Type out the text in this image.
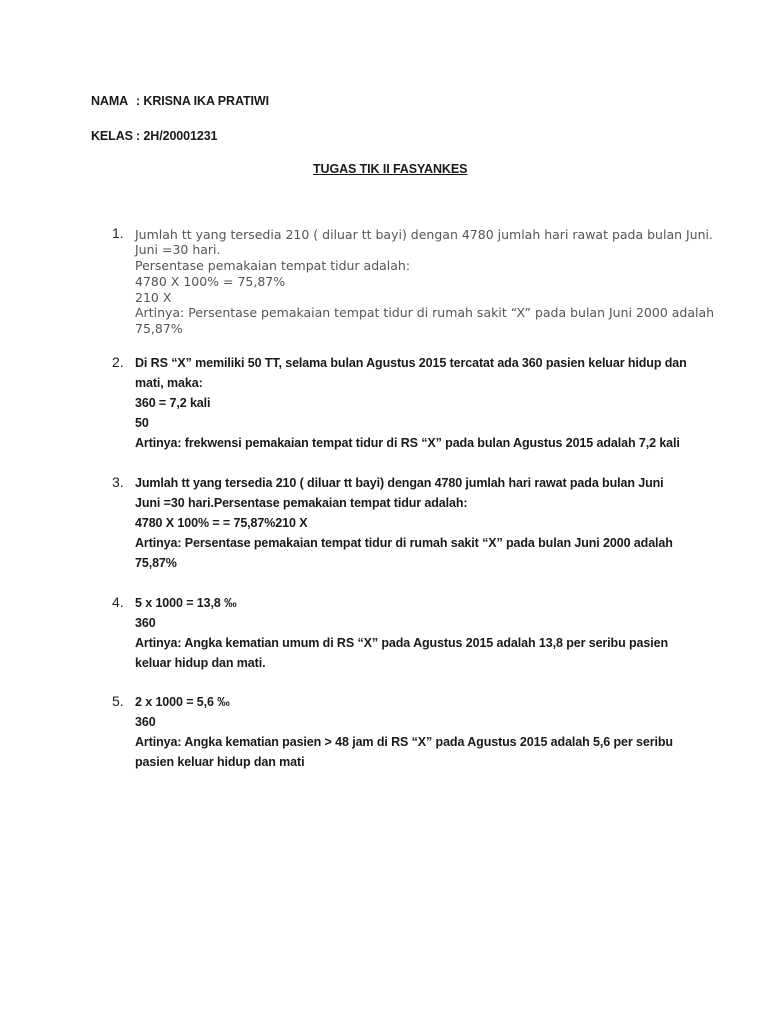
NAMA : KRISNA IKA PRATIWI
KELAS : 2H/20001231
TUGAS TIK II FASYANKES
1. Jumlah tt yang tersedia 210 ( diluar tt bayi) dengan 4780 jumlah hari rawat pada bulan Juni.
Juni =30 hari.
Persentase pemakaian tempat tidur adalah:
4780 X 100% = 75,87%
210 X
Artinya: Persentase pemakaian tempat tidur di rumah sakit “X” pada bulan Juni 2000 adalah
75,87%
2. Di RS “X” memiliki 50 TT, selama bulan Agustus 2015 tercatat ada 360 pasien keluar hidup dan
mati, maka:
360 = 7,2 kali
50
Artinya: frekwensi pemakaian tempat tidur di RS “X” pada bulan Agustus 2015 adalah 7,2 kali
3. Jumlah tt yang tersedia 210 ( diluar tt bayi) dengan 4780 jumlah hari rawat pada bulan Juni
Juni =30 hari.Persentase pemakaian tempat tidur adalah:
4780 X 100% = = 75,87%210 X
Artinya: Persentase pemakaian tempat tidur di rumah sakit “X” pada bulan Juni 2000 adalah
75,87%
4. 5 x 1000 = 13,8 ‰
360
Artinya: Angka kematian umum di RS “X” pada Agustus 2015 adalah 13,8 per seribu pasien
keluar hidup dan mati.
5. 2 x 1000 = 5,6 ‰
360
Artinya: Angka kematian pasien > 48 jam di RS “X” pada Agustus 2015 adalah 5,6 per seribu
pasien keluar hidup dan mati
